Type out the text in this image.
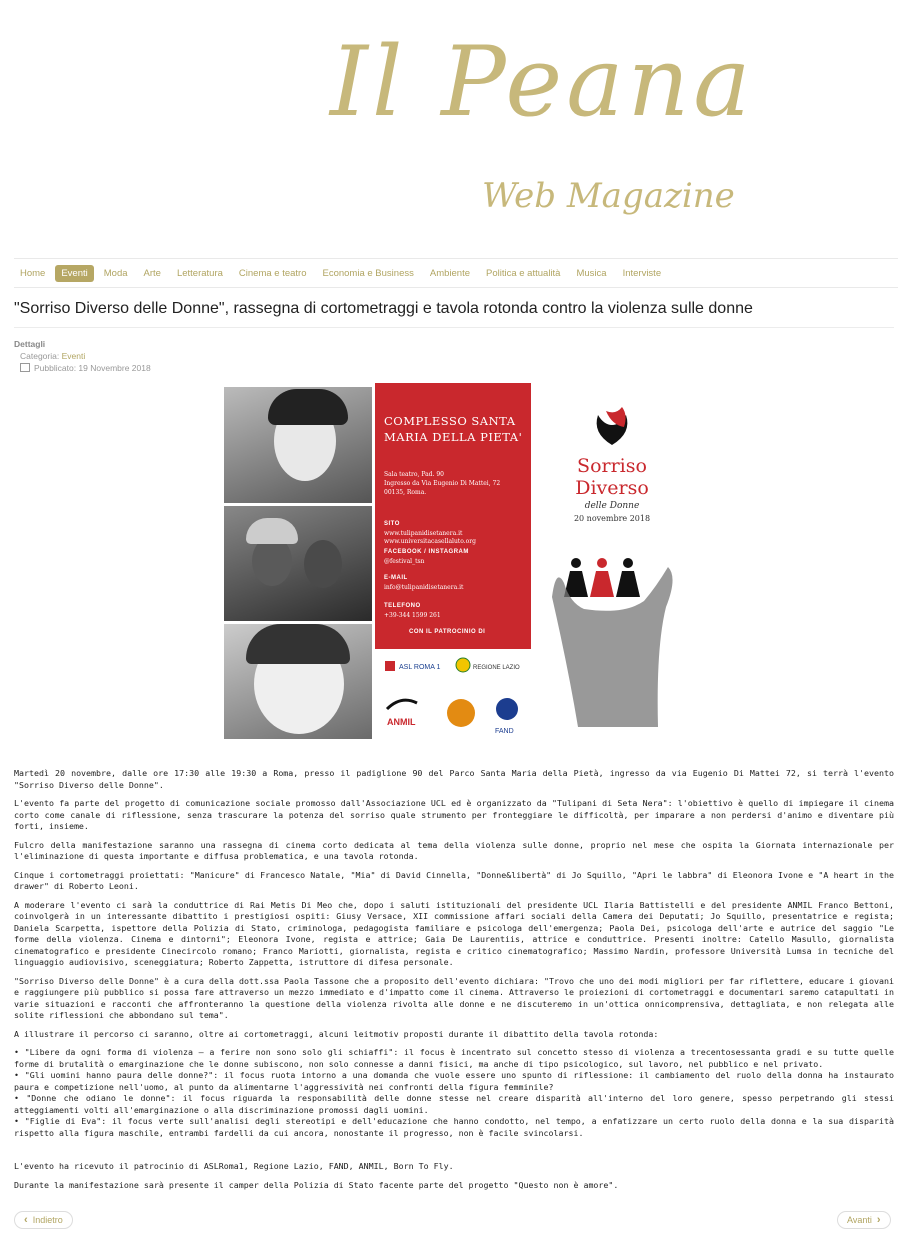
Il Peana
Web Magazine
Home	Eventi	Moda	Arte	Letteratura	Cinema e teatro	Economia e Business	Ambiente	Politica e attualità	Musica	Interviste
"Sorriso Diverso delle Donne", rassegna di cortometraggi e tavola rotonda contro la violenza sulle donne
Dettagli
Categoria: Eventi
Pubblicato: 19 Novembre 2018
COMPLESSO SANTA MARIA DELLA PIETA'
Sala teatro, Pad. 90
Ingresso da Via Eugenio Di Mattei, 72
00135, Roma.
SITO
www.tulipanidisetanera.it
www.universitacasellaluto.org
FACEBOOK / INSTAGRAM
@festival_tsn
E-MAIL
info@tulipanidisetanera.it
TELEFONO
+39-344 1599 261
CON IL PATROCINIO DI
ASL ROMA 1	REGIONE LAZIO
ANMIL
FAND
Sorriso
Diverso
delle Donne
20 novembre 2018

Martedì 20 novembre, dalle ore 17:30 alle 19:30 a Roma, presso il padiglione 90 del Parco Santa Maria della Pietà, ingresso da via Eugenio Di Mattei 72, si terrà l'evento "Sorriso Diverso delle Donne".

L'evento fa parte del progetto di comunicazione sociale promosso dall'Associazione UCL ed è organizzato da "Tulipani di Seta Nera": l'obiettivo è quello di impiegare il cinema corto come canale di riflessione, senza trascurare la potenza del sorriso quale strumento per fronteggiare le difficoltà, per imparare a non perdersi d'animo e diventare più forti, insieme.

Fulcro della manifestazione saranno una rassegna di cinema corto dedicata al tema della violenza sulle donne, proprio nel mese che ospita la Giornata internazionale per l'eliminazione di questa importante e diffusa problematica, e una tavola rotonda.

Cinque i cortometraggi proiettati: "Manicure" di Francesco Natale, "Mia" di David Cinnella, "Donne&libertà" di Jo Squillo, "Apri le labbra" di Eleonora Ivone e "A heart in the drawer" di Roberto Leoni.

A moderare l'evento ci sarà la conduttrice di Rai Metis Di Meo che, dopo i saluti istituzionali del presidente UCL Ilaria Battistelli e del presidente ANMIL Franco Bettoni, coinvolgerà in un interessante dibattito i prestigiosi ospiti: Giusy Versace, XII commissione affari sociali della Camera dei Deputati; Jo Squillo, presentatrice e regista; Daniela Scarpetta, ispettore della Polizia di Stato, criminologa, pedagogista familiare e psicologa dell'emergenza; Paola Dei, psicologa dell'arte e autrice del saggio "Le forme della violenza. Cinema e dintorni"; Eleonora Ivone, regista e attrice; Gaia De Laurentiis, attrice e conduttrice. Presenti inoltre: Catello Masullo, giornalista cinematografico e presidente Cinecircolo romano; Franco Mariotti, giornalista, regista e critico cinematografico; Massimo Nardin, professore Università Lumsa in tecniche del linguaggio audiovisivo, sceneggiatura; Roberto Zappetta, istruttore di difesa personale.

"Sorriso Diverso delle Donne" è a cura della dott.ssa Paola Tassone che a proposito dell'evento dichiara: "Trovo che uno dei modi migliori per far riflettere, educare i giovani e raggiungere più pubblico si possa fare attraverso un mezzo immediato e d'impatto come il cinema. Attraverso le proiezioni di cortometraggi e documentari saremo catapultati in varie situazioni e racconti che affronteranno la questione della violenza rivolta alle donne e ne discuteremo in un'ottica onnicomprensiva, dettagliata, e non relegata alle solite riflessioni che abbondano sul tema".

A illustrare il percorso ci saranno, oltre ai cortometraggi, alcuni leitmotiv proposti durante il dibattito della tavola rotonda:

• "Libere da ogni forma di violenza – a ferire non sono solo gli schiaffi": il focus è incentrato sul concetto stesso di violenza a trecentosessanta gradi e su tutte quelle forme di brutalità o emarginazione che le donne subiscono, non solo connesse a danni fisici, ma anche di tipo psicologico, sul lavoro, nel pubblico e nel privato.

• "Gli uomini hanno paura delle donne?": il focus ruota intorno a una domanda che vuole essere uno spunto di riflessione: il cambiamento del ruolo della donna ha instaurato paura e competizione nell'uomo, al punto da alimentarne l'aggressività nei confronti della figura femminile?

• "Donne che odiano le donne": il focus riguarda la responsabilità delle donne stesse nel creare disparità all'interno del loro genere, spesso perpetrando gli stessi atteggiamenti volti all'emarginazione o alla discriminazione promossi dagli uomini.

• "Figlie di Eva": il focus verte sull'analisi degli stereotipi e dell'educazione che hanno condotto, nel tempo, a enfatizzare un certo ruolo della donna e la sua disparità rispetto alla figura maschile, entrambi fardelli da cui ancora, nonostante il progresso, non è facile svincolarsi.

L'evento ha ricevuto il patrocinio di ASLRoma1, Regione Lazio, FAND, ANMIL, Born To Fly.

Durante la manifestazione sarà presente il camper della Polizia di Stato facente parte del progetto "Questo non è amore".

‹
Indietro	Avanti
›
